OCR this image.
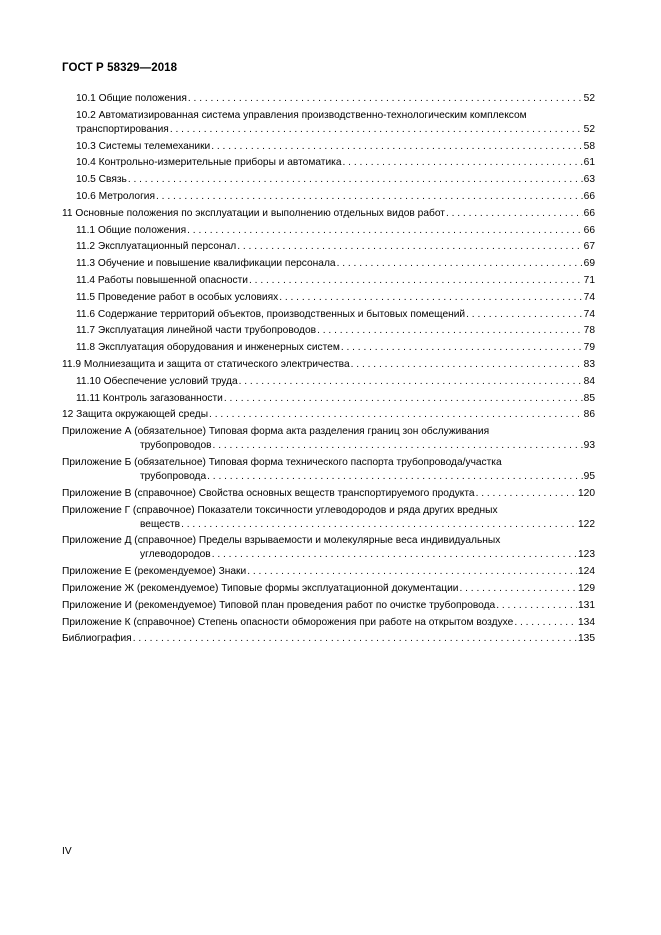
ГОСТ Р 58329—2018
10.1 Общие положения . . .	52
10.2 Автоматизированная система управления производственно-технологическим комплексом
транспортирования . . .	52
10.3 Системы телемеханики . . .	58
10.4 Контрольно-измерительные приборы и автоматика . . .	61
10.5 Связь . . .	63
10.6 Метрология . . .	66
11 Основные положения по эксплуатации и выполнению отдельных видов работ . . .	66
11.1 Общие положения . . .	66
11.2 Эксплуатационный персонал . . .	67
11.3 Обучение и повышение квалификации персонала . . .	69
11.4 Работы повышенной опасности . . .	71
11.5 Проведение работ в особых условиях . . .	74
11.6 Содержание территорий объектов, производственных и бытовых помещений . . .	74
11.7 Эксплуатация линейной части трубопроводов . . .	78
11.8 Эксплуатация оборудования и инженерных систем . . .	79
11.9 Молниезащита и защита от статического электричества . . .	83
11.10 Обеспечение условий труда . . .	84
11.11 Контроль загазованности . . .	85
12 Защита окружающей среды . . .	86
Приложение А (обязательное) Типовая форма акта разделения границ зон обслуживания
трубопроводов . . .	93
Приложение Б (обязательное) Типовая форма технического паспорта трубопровода/участка
трубопровода . . .	95
Приложение В (справочное) Свойства основных веществ транспортируемого продукта . . .	120
Приложение Г (справочное) Показатели токсичности углеводородов и ряда других вредных
веществ . . .	122
Приложение Д (справочное) Пределы взрываемости и молекулярные веса индивидуальных
углеводородов . . .	123
Приложение Е (рекомендуемое) Знаки . . .	124
Приложение Ж (рекомендуемое) Типовые формы эксплуатационной документации . . .	129
Приложение И (рекомендуемое) Типовой план проведения работ по очистке трубопровода . . .	131
Приложение К (справочное) Степень опасности обморожения при работе на открытом воздухе . . .	134
Библиография . . .	135
IV
